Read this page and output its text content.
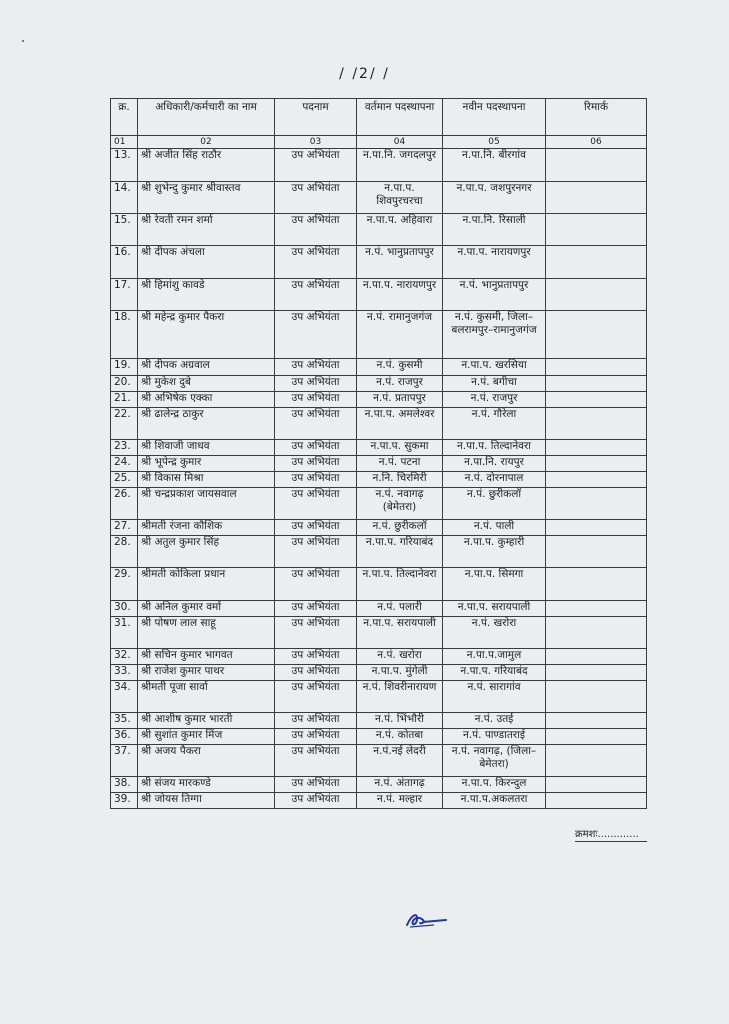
/ /2/ /
क्र.	अधिकारी/कर्मचारी का नाम	पदनाम	वर्तमान पदस्थापना	नवीन पदस्थापना	रिमार्क
01	02	03	04	05	06
13.	श्री अजीत सिंह राठौर	उप अभियंता	न.पा.नि. जगदलपुर	न.पा.नि. बीरगांव	
14.	श्री शुभेन्दु कुमार श्रीवास्तव	उप अभियंता	न.पा.प. शिवपुरचरचा	न.पा.प. जशपुरनगर	
15.	श्री रेवती रमन शर्मा	उप अभियंता	न.पा.प. अहिवारा	न.पा.नि. रिसाली	
16.	श्री दीपक अंचला	उप अभियंता	न.पं. भानुप्रतापपुर	न.पा.प. नारायणपुर	
17.	श्री हिमांशु कावडे	उप अभियंता	न.पा.प. नारायणपुर	न.पं. भानुप्रतापपुर	
18.	श्री महेन्द्र कुमार पैकरा	उप अभियंता	न.पं. रामानुजगंज	न.पं. कुसमी, जिला–बलरामपुर–रामानुजगंज	
19.	श्री दीपक अग्रवाल	उप अभियंता	न.पं. कुसमी	न.पा.प. खरसिया	
20.	श्री मुकेश दुबे	उप अभियंता	न.पं. राजपुर	न.पं. बगीचा	
21.	श्री अभिषेक एक्का	उप अभियंता	न.पं. प्रतापपुर	न.पं. राजपुर	
22.	श्री ढालेन्द्र ठाकुर	उप अभियंता	न.पा.प. अमलेश्वर	न.पं. गौरेला	
23.	श्री शिवाजी जाधव	उप अभियंता	न.पा.प. सुकमा	न.पा.प. तिल्दानेवरा	
24.	श्री भूपेन्द्र कुमार	उप अभियंता	न.पं. पटना	न.पा.नि. रायपुर	
25.	श्री विकास मिश्रा	उप अभियंता	न.नि. चिरमिरी	न.पं. दोरनापाल	
26.	श्री चन्द्रप्रकाश जायसवाल	उप अभियंता	न.पं. नवागढ़ (बेमेतरा)	न.पं. छुरीकलॉ	
27.	श्रीमती रंजना कौशिक	उप अभियंता	न.पं. छुरीकलॉ	न.पं. पाली	
28.	श्री अतुल कुमार सिंह	उप अभियंता	न.पा.प. गरियाबंद	न.पा.प. कुम्हारी	
29.	श्रीमती कोकिला प्रधान	उप अभियंता	न.पा.प. तिल्दानेवरा	न.पा.प. सिमगा	
30.	श्री अनिल कुमार वर्मा	उप अभियंता	न.पं. पलारी	न.पा.प. सरायपाली	
31.	श्री पोषण लाल साहू	उप अभियंता	न.पा.प. सरायपाली	न.पं. खरोरा	
32.	श्री सचिन कुमार भागवत	उप अभियंता	न.पं. खरोरा	न.पा.प.जामुल	
33.	श्री राजेश कुमार पाथर	उप अभियंता	न.पा.प. मुंगेली	न.पा.प. गरियाबंद	
34.	श्रीमती पूजा सार्वा	उप अभियंता	न.पं. शिवरीनारायण	न.पं. सारागांव	
35.	श्री आशीष कुमार भारती	उप अभियंता	न.पं. भिंभौरी	न.पं. उतई	
36.	श्री सुशांत कुमार मिंज	उप अभियंता	न.पं. कोतबा	न.पं. पाण्डातराई	
37.	श्री अजय पैकरा	उप अभियंता	न.पं.नई लेदरी	न.पं. नवागढ़, (जिला–बेमेतरा)	
38.	श्री संजय मारकण्डे	उप अभियंता	न.पं. अंतागढ़	न.पा.प. किरन्दुल	
39.	श्री जोयस तिग्गा	उप अभियंता	न.पं. मल्हार	न.पा.प.अकलतरा	
क्रमशः.............
